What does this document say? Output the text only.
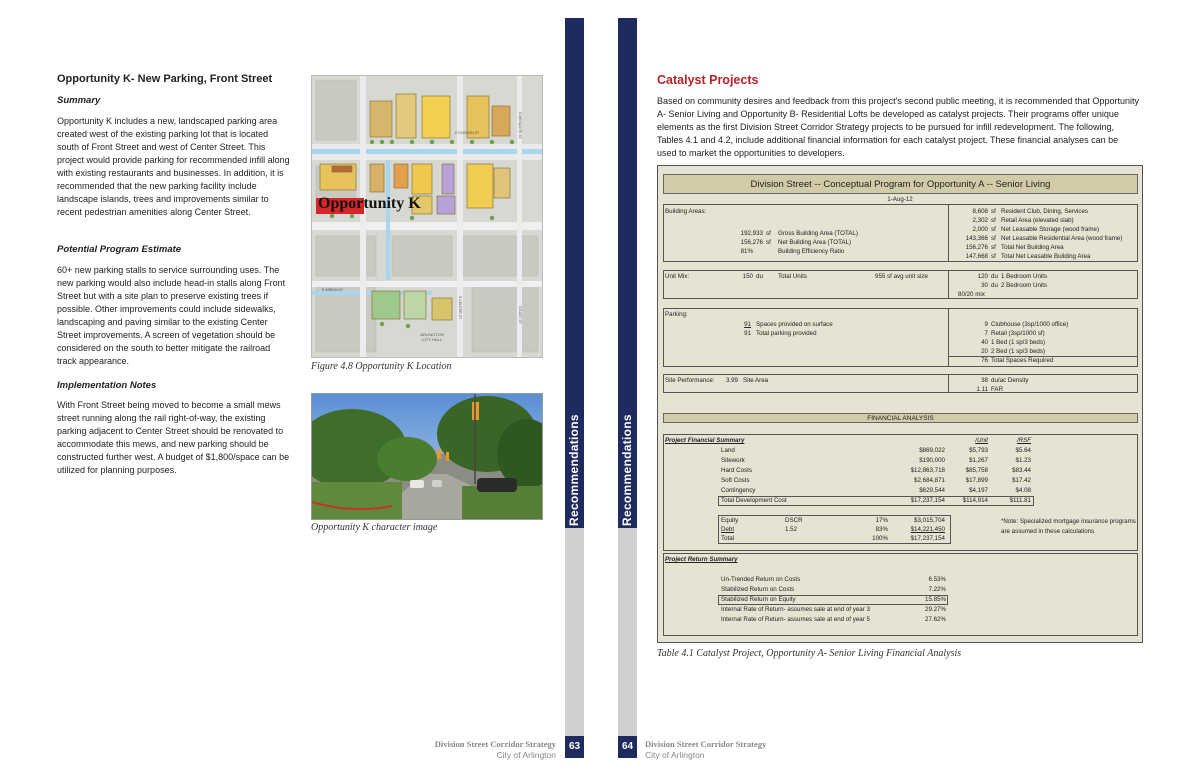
Opportunity K- New Parking, Front Street
Summary
Opportunity K includes a new, landscaped parking area created west of the existing parking lot that is located south of Front Street and west of Center Street. This project would provide parking for recommended infill along with existing restaurants and businesses. In addition, it is recommended that the new parking facility include landscape islands, trees and improvements similar to recent pedestrian amenities along Center Street.
Potential Program Estimate
60+ new parking stalls to service surrounding uses. The new parking would also include head-in stalls along Front Street but with a site plan to preserve existing trees if possible. Other improvements could include sidewalks, landscaping and paving similar to the existing Center Street improvements. A screen of vegetation should be considered on the south to better mitigate the railroad track appearance.
Implementation Notes
With Front Street being moved to become a small mews street running along the rail right-of-way, the existing parking adjacent to Center Street should be renovated to accommodate this mews, and new parking should be constructed further west. A budget of $1,800/space can be utilized for planning purposes.
E DIVISION ST
E ABRAM ST
S MESQUITE ST
S CENTER ST	S EAST ST
ARLINGTON CITY HALL
Opportunity K
Figure 4.8 Opportunity K Location
Opportunity K character image
Recommendations
63
Division Street Corridor Strategy
City of Arlington
Recommendations
64	Division Street Corridor Strategy
City of Arlington
Catalyst Projects
Based on community desires and feedback from this project's second public meeting, it is recommended that Opportunity A- Senior Living and Opportunity B- Residential Lofts be developed as catalyst projects. Their programs offer unique elements as the first Division Street Corridor Strategy projects to be pursued for infill redevelopment. The following, Tables 4.1 and 4.2, include additional financial information for each catalyst project. These financial analyses can be used to market the opportunities to developers.
Division Street -- Conceptual Program for Opportunity A -- Senior Living
1-Aug-12
Building Areas:
192,933 sf Gross Building Area (TOTAL)
156,276 sf Net Building Area (TOTAL)
81%	Building Efficiency Ratio
8,608 sf Resident Club, Dining, Services
2,302 sf Retail Area (elevated slab)
2,000 sf Net Leasable Storage (wood frame)
143,366 sf Net Leasable Residential Area (wood frame)
156,276 sf Total Net Building Area
147,668 sf Total Net Leasable Building Area
Unit Mix:	150 du Total Units	955 sf avg unit size	120 du 1 Bedroom Units
30 du 2 Bedroom Units
80/20 mix
Parking:
91 Spaces provided on surface
91 Total parking provided
9 Clubhouse (3sp/1000 office)
7 Retail (3sp/1000 sf)
40 1 Bed (1 sp/3 beds)
20 2 Bed (1 sp/3 beds)
76 Total Spaces Required
Site Performance:	3.99 Site Area	38 du/ac Density
1.11 FAR
FINANCIAL ANALYSIS
Project Financial Summary	/Unit	/RSF
*Note: Specialized mortgage insurance programs are assumed in these calculations
Project Return Summary
Land	$869,022	$5,793	$5.64
Sitework	$190,000	$1,267	$1.23
Hard Costs	$12,863,718	$85,758	$83.44
Soft Costs	$2,684,871	$17,899	$17.42
Contingency	$629,544	$4,197	$4.08
Total Development Cost	$17,237,154	$114,914	$111.81
Equity	DSCR	17%	$3,015,704
Debt	1.52	83%	$14,221,450
Total	100%	$17,237,154
Un-Trended Return on Costs	6.53%
Stabilized Return on Costs	7.22%
Stabilized Return on Equity	15.85%
Internal Rate of Return- assumes sale at end of year 3	29.27%
Internal Rate of Return- assumes sale at end of year 5	27.62%
Table 4.1 Catalyst Project, Opportunity A- Senior Living Financial Analysis
